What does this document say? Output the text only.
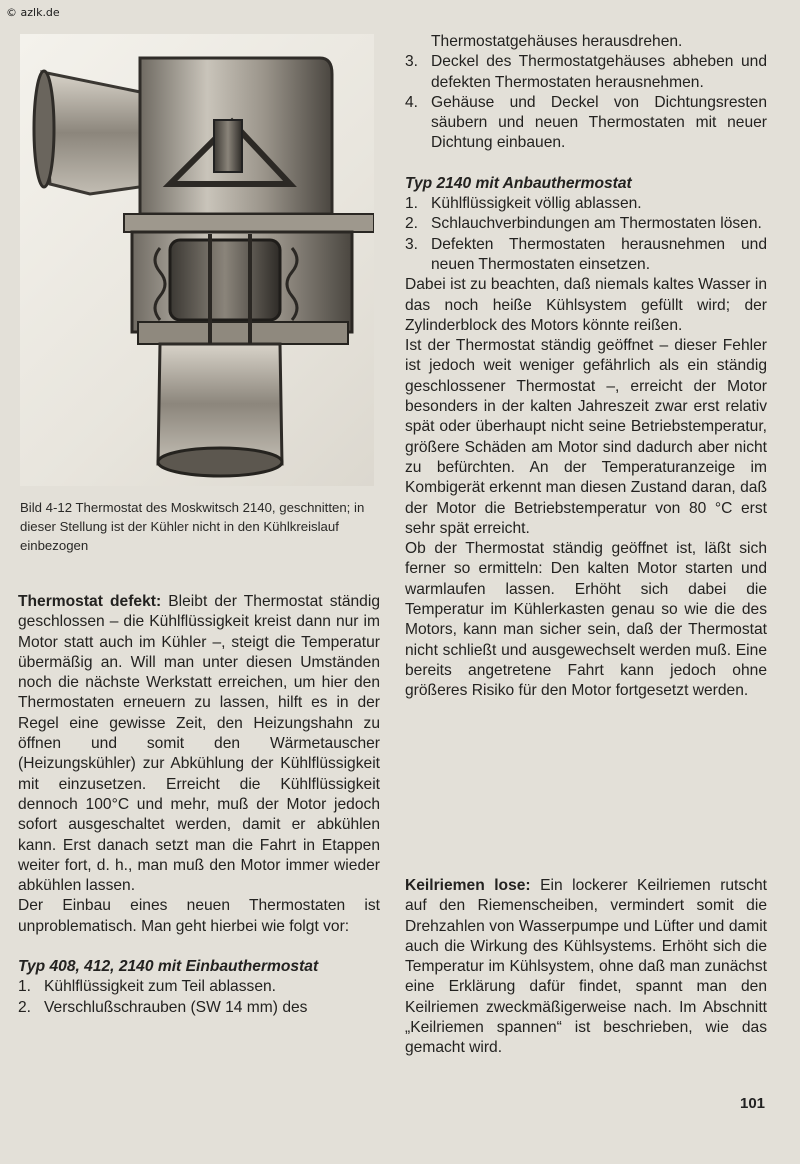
© azlk.de
Bild 4-12 Thermostat des Moskwitsch 2140, geschnitten; in dieser Stellung ist der Kühler nicht in den Kühlkreislauf einbezogen

Thermostat defekt: Bleibt der Thermostat ständig geschlossen – die Kühlflüssigkeit kreist dann nur im Motor statt auch im Kühler –, steigt die Temperatur übermäßig an. Will man unter diesen Umständen noch die nächste Werkstatt erreichen, um hier den Thermostaten erneuern zu lassen, hilft es in der Regel eine gewisse Zeit, den Heizungshahn zu öffnen und somit den Wärmetauscher (Heizungskühler) zur Abkühlung der Kühlflüssigkeit mit einzusetzen. Erreicht die Kühlflüssigkeit dennoch 100°C und mehr, muß der Motor jedoch sofort ausgeschaltet werden, damit er abkühlen kann. Erst danach setzt man die Fahrt in Etappen weiter fort, d. h., man muß den Motor immer wieder abkühlen lassen.

Der Einbau eines neuen Thermostaten ist unproblematisch. Man geht hierbei wie folgt vor:

Typ 408, 412, 2140 mit Einbauthermostat

1. Kühlflüssigkeit zum Teil ablassen.
2. Verschlußschrauben (SW 14 mm) des

Thermostatgehäuses herausdrehen.

3. Deckel des Thermostatgehäuses abheben und defekten Thermostaten herausnehmen.
4. Gehäuse und Deckel von Dichtungsresten säubern und neuen Thermostaten mit neuer Dichtung einbauen.

Typ 2140 mit Anbauthermostat

1. Kühlflüssigkeit völlig ablassen.
2. Schlauchverbindungen am Thermostaten lösen.
3. Defekten Thermostaten herausnehmen und neuen Thermostaten einsetzen.

Dabei ist zu beachten, daß niemals kaltes Wasser in das noch heiße Kühlsystem gefüllt wird; der Zylinderblock des Motors könnte reißen.

Ist der Thermostat ständig geöffnet – dieser Fehler ist jedoch weit weniger gefährlich als ein ständig geschlossener Thermostat –, erreicht der Motor besonders in der kalten Jahreszeit zwar erst relativ spät oder überhaupt nicht seine Betriebstemperatur, größere Schäden am Motor sind dadurch aber nicht zu befürchten. An der Temperaturanzeige im Kombigerät erkennt man diesen Zustand daran, daß der Motor die Betriebstemperatur von 80 °C erst sehr spät erreicht.

Ob der Thermostat ständig geöffnet ist, läßt sich ferner so ermitteln: Den kalten Motor starten und warmlaufen lassen. Erhöht sich dabei die Temperatur im Kühlerkasten genau so wie die des Motors, kann man sicher sein, daß der Thermostat nicht schließt und ausgewechselt werden muß. Eine bereits angetretene Fahrt kann jedoch ohne größeres Risiko für den Motor fortgesetzt werden.

Keilriemen lose: Ein lockerer Keilriemen rutscht auf den Riemenscheiben, vermindert somit die Drehzahlen von Wasserpumpe und Lüfter und damit auch die Wirkung des Kühlsystems. Erhöht sich die Temperatur im Kühlsystem, ohne daß man zunächst eine Erklärung dafür findet, spannt man den Keilriemen zweckmäßigerweise nach. Im Abschnitt „Keilriemen spannen“ ist beschrieben, wie das gemacht wird.

101
